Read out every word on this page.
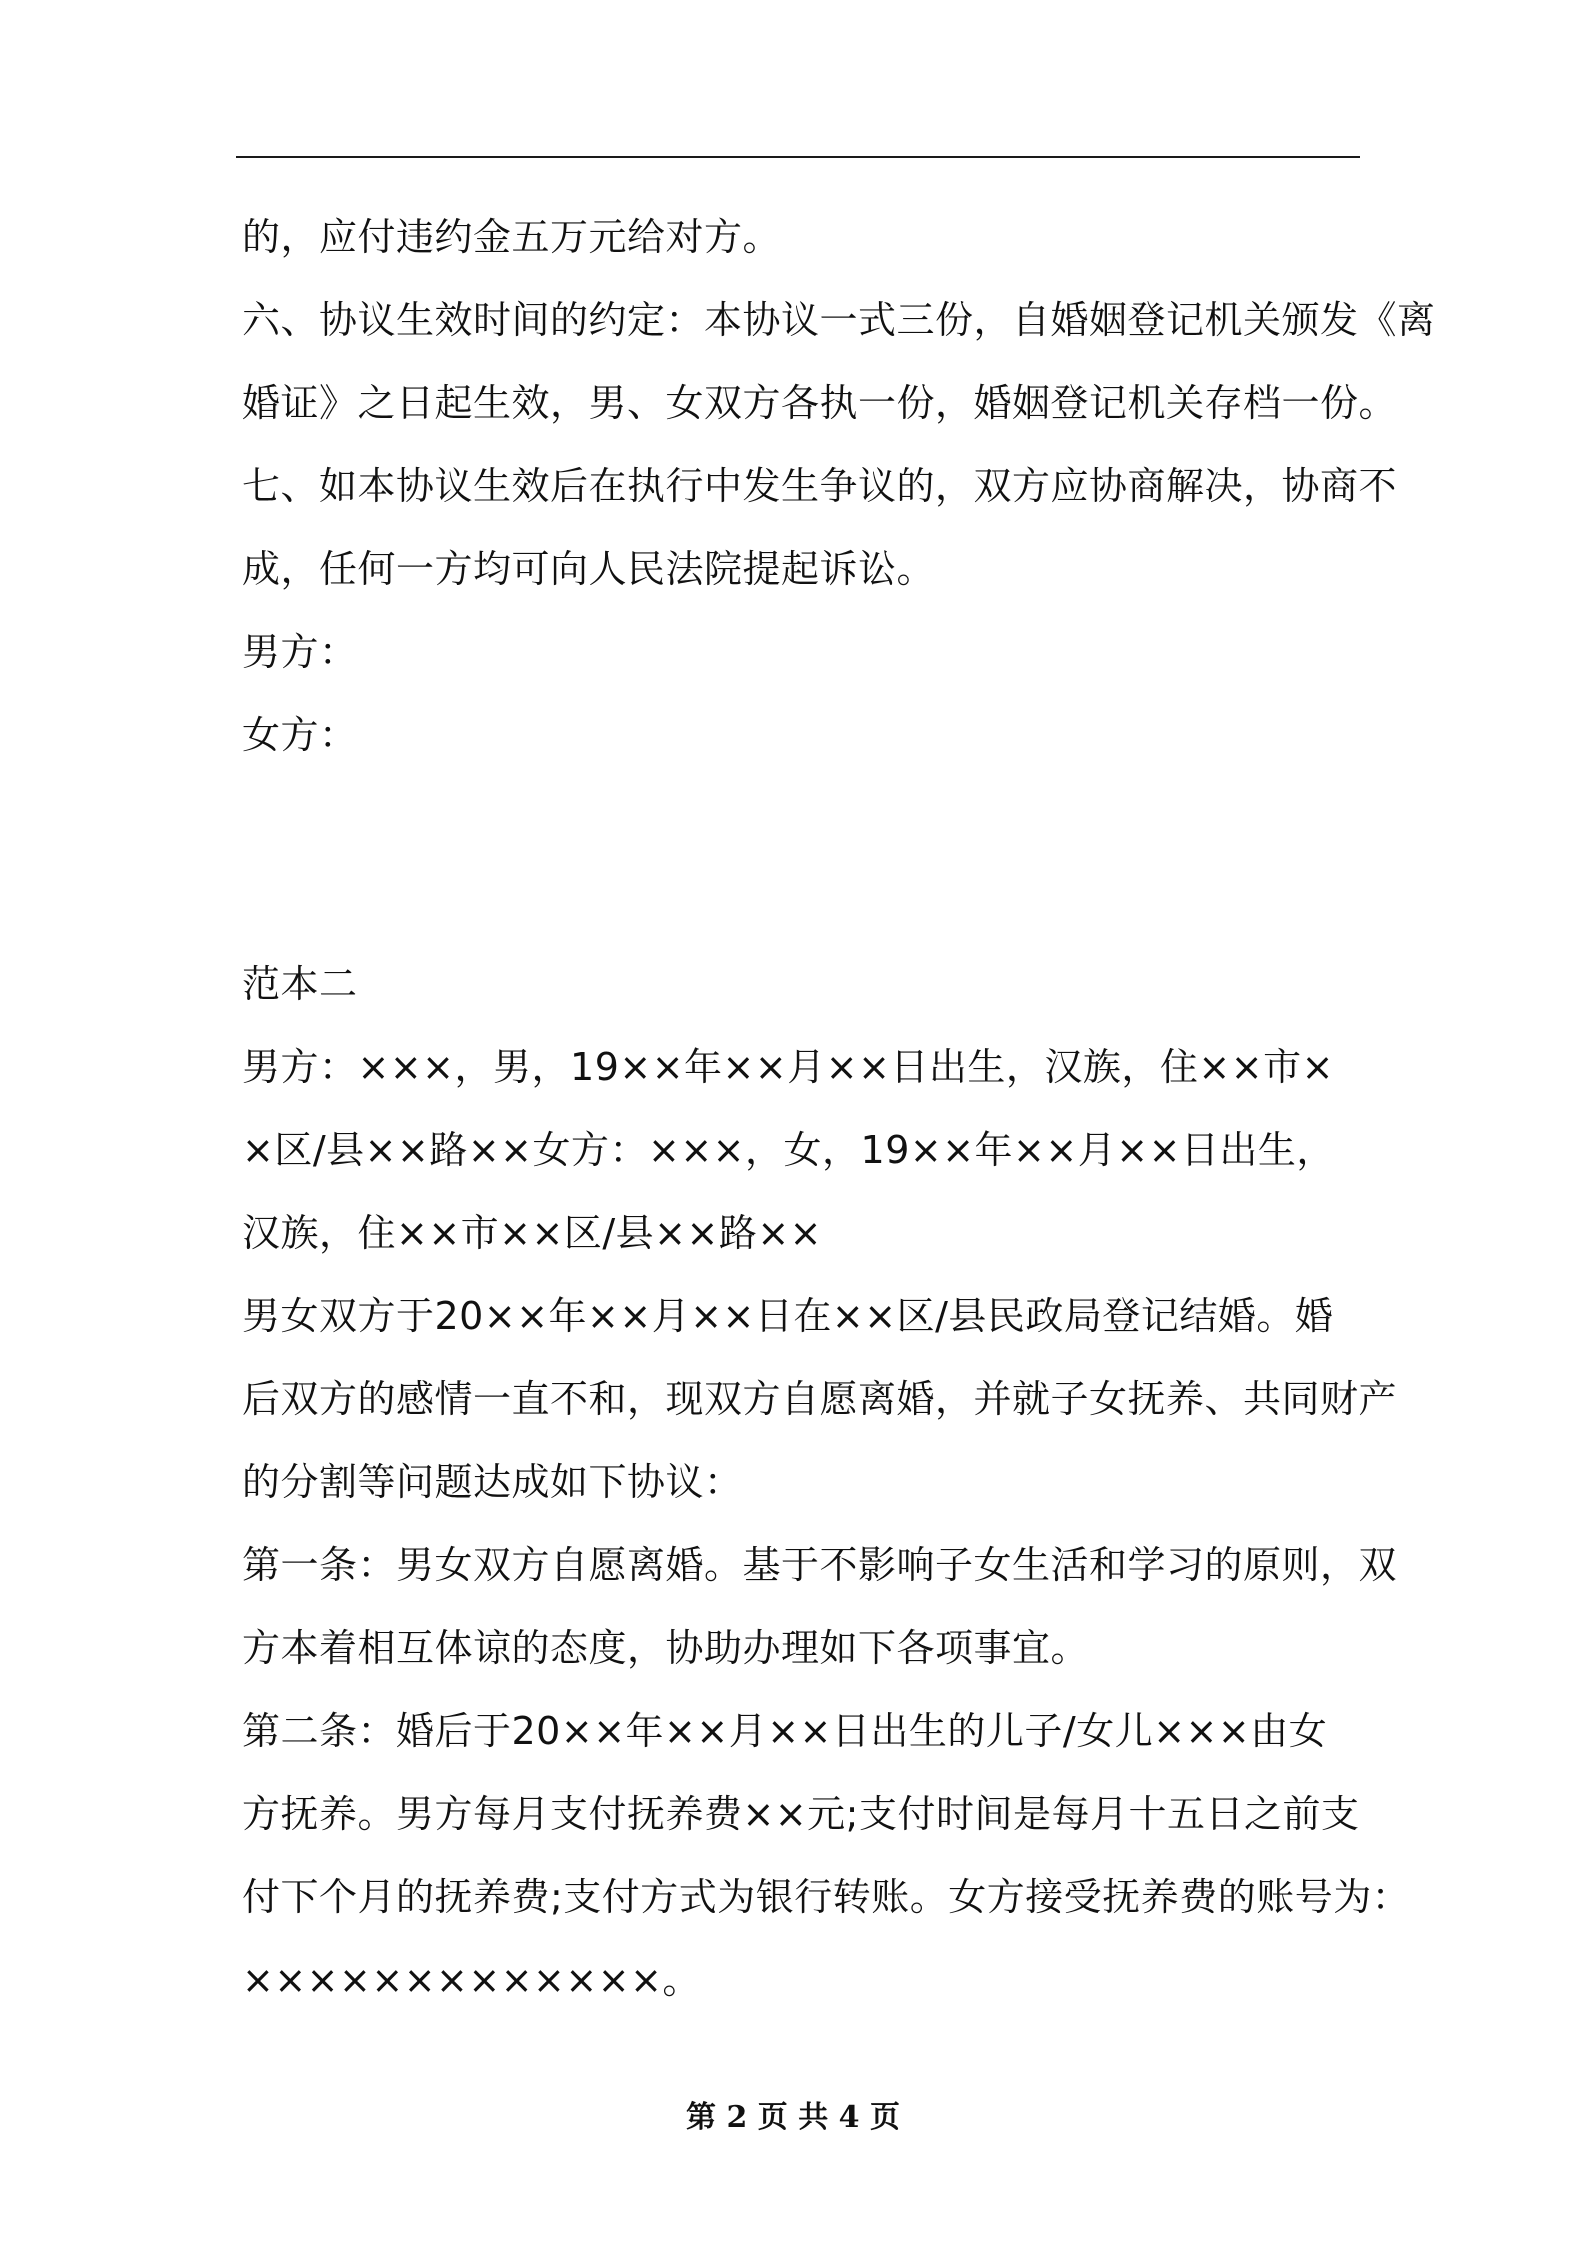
的，应付违约金五万元给对方。
六、协议生效时间的约定：本协议一式三份，自婚姻登记机关颁发《离
婚证》之日起生效，男、女双方各执一份，婚姻登记机关存档一份。
七、如本协议生效后在执行中发生争议的，双方应协商解决，协商不
成，任何一方均可向人民法院提起诉讼。
男方：
女方：
范本二
男方：×××，男，19××年××月××日出生，汉族，住××市×
×区/县××路××女方：×××，女，19××年××月××日出生，
汉族，住××市××区/县××路××
男女双方于20××年××月××日在××区/县民政局登记结婚。婚
后双方的感情一直不和，现双方自愿离婚，并就子女抚养、共同财产
的分割等问题达成如下协议：
第一条：男女双方自愿离婚。基于不影响子女生活和学习的原则，双
方本着相互体谅的态度，协助办理如下各项事宜。
第二条：婚后于20××年××月××日出生的儿子/女儿×××由女
方抚养。男方每月支付抚养费××元;支付时间是每月十五日之前支
付下个月的抚养费;支付方式为银行转账。女方接受抚养费的账号为：
×××××××××××××。
第 2 页 共 4 页
